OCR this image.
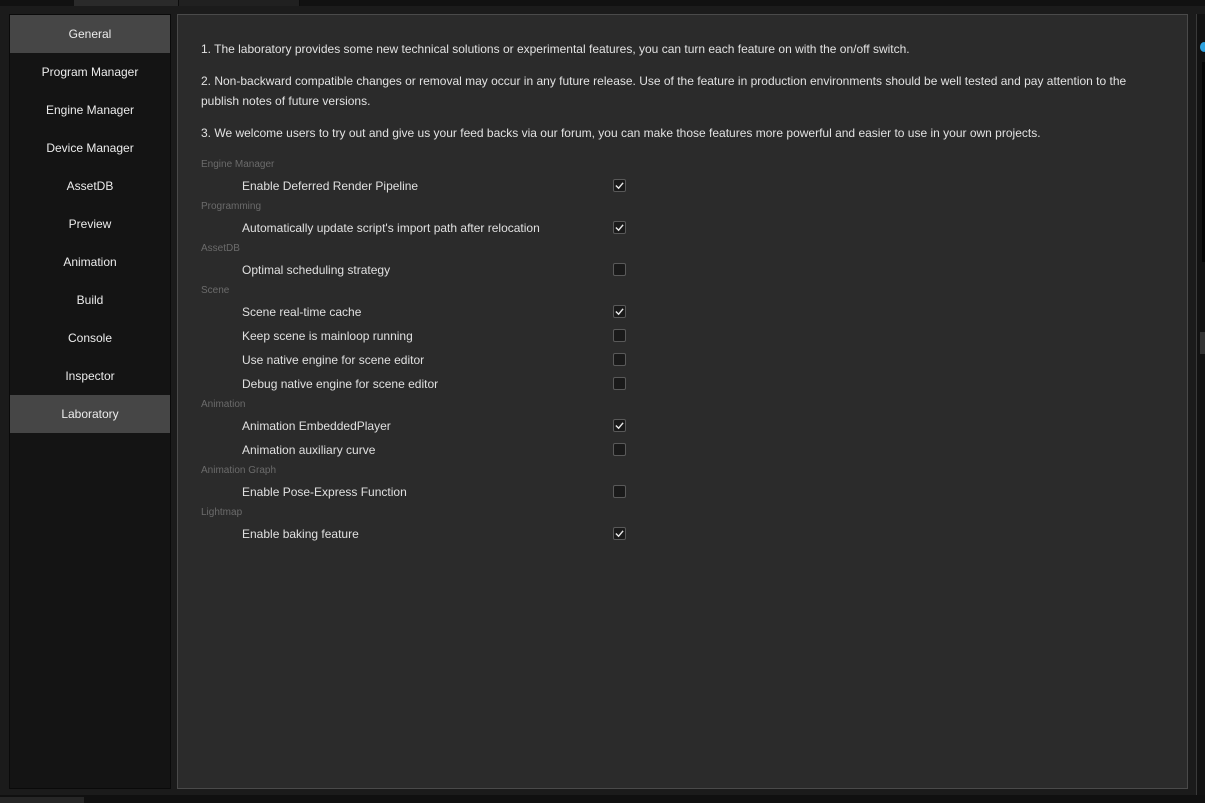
General
Program Manager
Engine Manager
Device Manager
AssetDB
Preview
Animation
Build
Console
Inspector
Laboratory

1. The laboratory provides some new technical solutions or experimental features, you can turn each feature on with the on/off switch.

2. Non-backward compatible changes or removal may occur in any future release. Use of the feature in production environments should be well tested and pay attention to the publish notes of future versions.

3. We welcome users to try out and give us your feed backs via our forum, you can make those features more powerful and easier to use in your own projects.

Engine Manager
Enable Deferred Render Pipeline
Programming
Automatically update script's import path after relocation
AssetDB
Optimal scheduling strategy
Scene
Scene real-time cache
Keep scene is mainloop running
Use native engine for scene editor
Debug native engine for scene editor
Animation
Animation EmbeddedPlayer
Animation auxiliary curve
Animation Graph
Enable Pose-Express Function
Lightmap
Enable baking feature
